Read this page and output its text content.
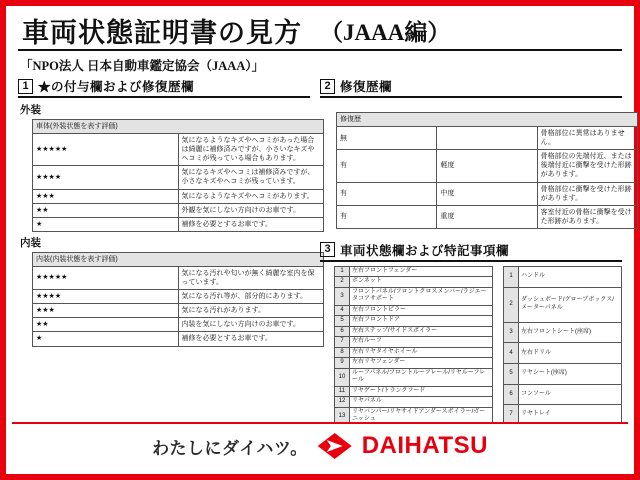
車両状態証明書の見方 （JAAA編）
「NPO法人 日本自動車鑑定協会（JAAA）」
1 ★の付与欄および修復歴欄
外装
車体(外装状態を表す評価)	
★★★★★	気になるようなキズやヘコミがあった場合は綺麗に補修済みですが、小さいなキズやヘコミが残っている場合もあります。
★★★★	気になるキズやヘコミは補修済みですが、小さなキズやヘコミが残っています。
★★★	気になるようなキズやヘコミがあります。
★★	外観を気にしない方向けのお車です。
★	補修を必要とするお車です。
内装
内装(内装状態を表す評価)	
★★★★★	気になる汚れや匂いが無く綺麗な室内を保っています。
★★★★	気になる汚れ等が、部分的にあります。
★★★	気になる汚れがあります。
★★	内装を気にしない方向けのお車です。
★	補修を必要とするお車です。
2 修復歴欄
修復歴		
無		骨格部位に異常はありません。
有	軽度	骨格部位の先端付近、または後端付近に衝撃を受けた形跡があります。
有	中度	骨格部位に衝撃を受けた形跡があります。
有	重度	客室付近の骨格に衝撃を受けた形跡があります。
3 車両状態欄および特記事項欄
1	左右フロントフェンダー
2	ボンネット
3	フロントパネル/フロントクロスメンバー/ラジエータコアサポート
4	左右フロントピラー
5	左右フロントドア
6	左右ステップ/サイドスポイラー
7	左右ルーフ
8	左右リヤタイヤホイール
9	左右リヤフェンダー
10	ルーフパネル/フロントルーフレール/リヤルーフレール
11	リヤゲート/トランクフード
12	リヤパネル
13	リヤバンパー/リヤサイドアンダースポイラー/ガーニッシュ
1	ハンドル
2	ダッシュボード/グローブボックス/メーターパネル
3	左右フロントシート(座席)
4	左右ドリル
5	リヤシート(座席)
6	コンソール
7	リヤトレイ
わたしにダイハツ。 DAIHATSU
